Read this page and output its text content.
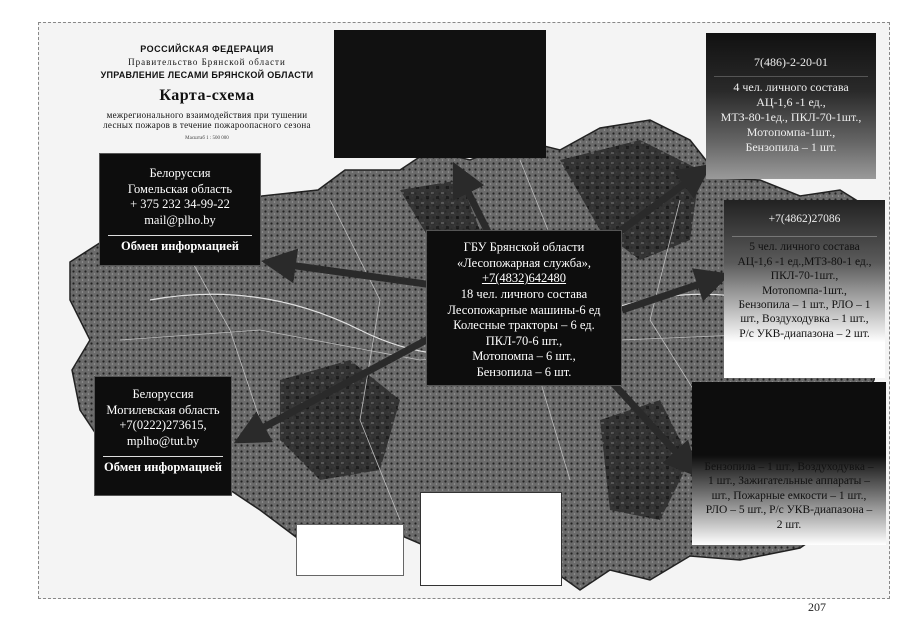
РОССИЙСКАЯ ФЕДЕРАЦИЯ
Правительство Брянской области
УПРАВЛЕНИЕ ЛЕСАМИ БРЯНСКОЙ ОБЛАСТИ
Карта-схема
межрегионального взаимодействия при тушении
лесных пожаров в течение пожароопасного сезона
Масштаб 1 : 500 000
Белоруссия
Гомельская область
+ 375 232 34-99-22
mail@plho.by
Обмен информацией
Белоруссия
Могилевская область
+7(0222)273615,
mplho@tut.by
Обмен информацией
ГБУ Брянской области
«Лесопожарная служба»,
+7(4832)642480
18 чел. личного состава
Лесопожарные машины-6 ед
Колесные тракторы – 6 ед.
ПКЛ-70-6 шт.,
Мотопомпа – 6 шт.,
Бензопила – 6 шт.
7(486)-2-20-01
4 чел. личного состава
АЦ-1,6 -1 ед.,
МТЗ-80-1ед., ПКЛ-70-1шт.,
Мотопомпа-1шт.,
Бензопила – 1 шт.
+7(4862)27086
5 чел. личного состава
АЦ-1,6 -1 ед.,МТЗ-80-1 ед.,
ПКЛ-70-1шт.,
Мотопомпа-1шт.,
Бензопила – 1 шт., РЛО – 1
шт., Воздуходувка – 1 шт.,
Р/с УКВ-диапазона – 2 шт.
Бензопила – 1 шт., Воздуходувка –
1 шт., Зажигательные аппараты –
шт., Пожарные емкости – 1 шт.,
РЛО – 5 шт., Р/с УКВ-диапазона –
2 шт.
207
